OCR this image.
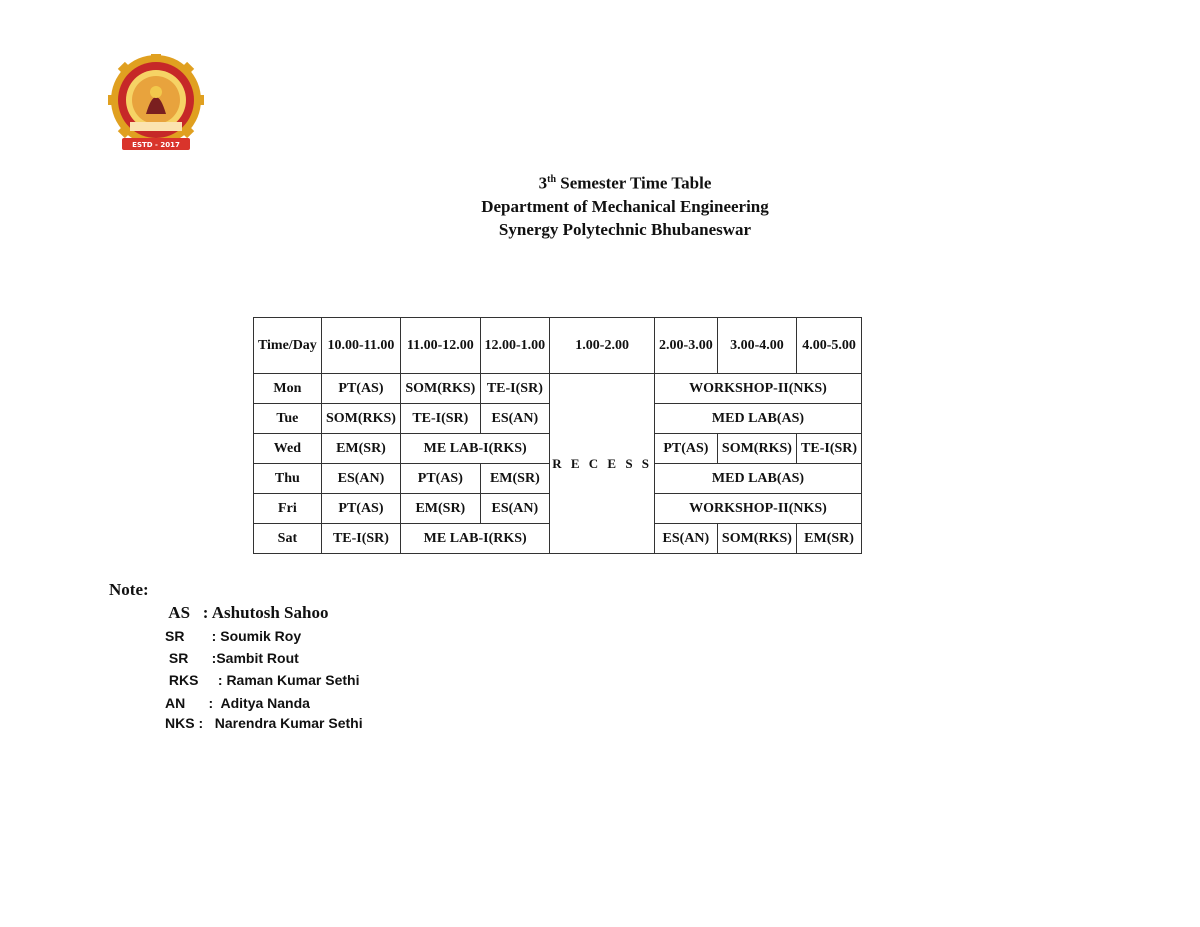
ESTD - 2017
3th Semester Time Table
Department of Mechanical Engineering
Synergy Polytechnic Bhubaneswar
Time/Day	10.00-11.00	11.00-12.00	12.00-1.00	1.00-2.00	2.00-3.00	3.00-4.00	4.00-5.00
Mon	PT(AS)	SOM(RKS)	TE-I(SR)	R E C E S S	WORKSHOP-II(NKS)		
Tue	SOM(RKS)	TE-I(SR)	ES(AN)		MED LAB(AS)		
Wed	EM(SR)	ME LAB-I(RKS)			PT(AS)	SOM(RKS)	TE-I(SR)
Thu	ES(AN)	PT(AS)	EM(SR)		MED LAB(AS)		
Fri	PT(AS)	EM(SR)	ES(AN)		WORKSHOP-II(NKS)		
Sat	TE-I(SR)	ME LAB-I(RKS)			ES(AN)	SOM(RKS)	EM(SR)
Note:
AS   : Ashutosh Sahoo
SR       : Soumik Roy
SR      :Sambit Rout
RKS     : Raman Kumar Sethi
AN      :  Aditya Nanda
NKS :   Narendra Kumar Sethi
